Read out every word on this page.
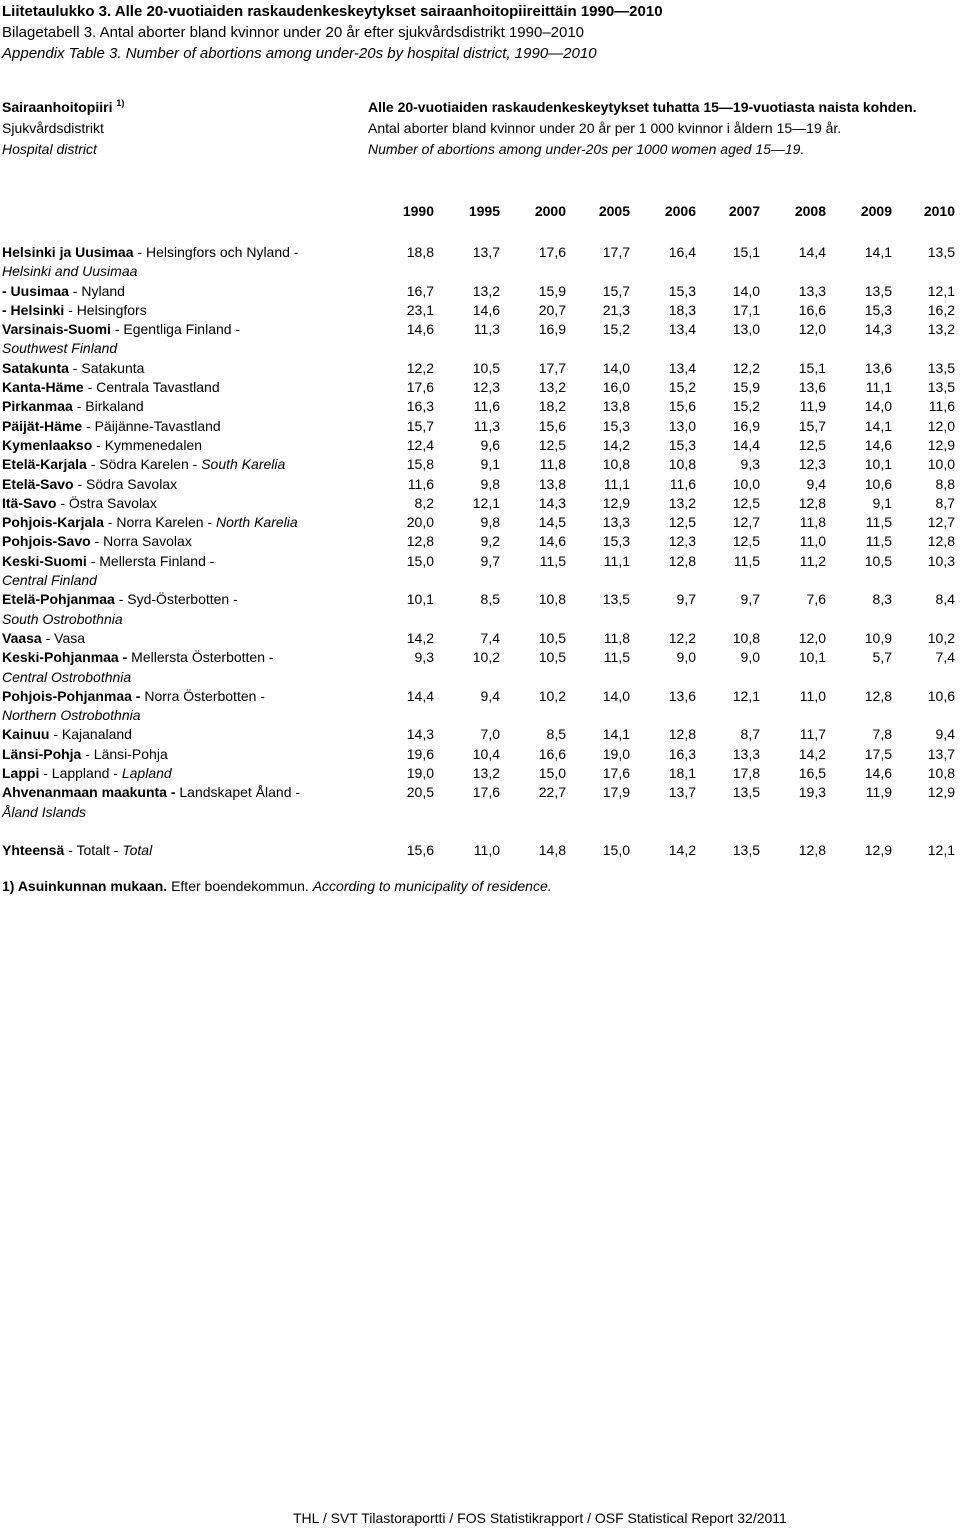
Liitetaulukko 3. Alle 20-vuotiaiden raskaudenkeskeytykset sairaanhoitopiireittäin 1990—2010
Bilagetabell 3. Antal aborter bland kvinnor under 20 år efter sjukvårdsdistrikt 1990–2010
Appendix Table 3. Number of abortions among under-20s by hospital district, 1990—2010
Sairaanhoitopiiri $^{1)}$	Alle 20-vuotiaiden raskaudenkeskeytykset tuhatta 15—19-vuotiasta naista kohden.
Sjukvårdsdistrikt	Antal aborter bland kvinnor under 20 år per 1 000 kvinnor i åldern 15—19 år.
Hospital district	Number of abortions among under-20s per 1000 women aged 15—19.
1990	1995	2000	2005	2006	2007	2008	2009	2010
Helsinki ja Uusimaa - Helsingfors och Nyland -	18,8	13,7	17,6	17,7	16,4	15,1	14,4	14,1	13,5
Helsinki and Uusimaa
- Uusimaa - Nyland	16,7	13,2	15,9	15,7	15,3	14,0	13,3	13,5	12,1
- Helsinki - Helsingfors	23,1	14,6	20,7	21,3	18,3	17,1	16,6	15,3	16,2
Varsinais-Suomi - Egentliga Finland -	14,6	11,3	16,9	15,2	13,4	13,0	12,0	14,3	13,2
Southwest Finland
Satakunta - Satakunta	12,2	10,5	17,7	14,0	13,4	12,2	15,1	13,6	13,5
Kanta-Häme - Centrala Tavastland	17,6	12,3	13,2	16,0	15,2	15,9	13,6	11,1	13,5
Pirkanmaa - Birkaland	16,3	11,6	18,2	13,8	15,6	15,2	11,9	14,0	11,6
Päijät-Häme - Päijänne-Tavastland	15,7	11,3	15,6	15,3	13,0	16,9	15,7	14,1	12,0
Kymenlaakso - Kymmenedalen	12,4	9,6	12,5	14,2	15,3	14,4	12,5	14,6	12,9
Etelä-Karjala - Södra Karelen - South Karelia	15,8	9,1	11,8	10,8	10,8	9,3	12,3	10,1	10,0
Etelä-Savo - Södra Savolax	11,6	9,8	13,8	11,1	11,6	10,0	9,4	10,6	8,8
Itä-Savo - Östra Savolax	8,2	12,1	14,3	12,9	13,2	12,5	12,8	9,1	8,7
Pohjois-Karjala - Norra Karelen - North Karelia	20,0	9,8	14,5	13,3	12,5	12,7	11,8	11,5	12,7
Pohjois-Savo - Norra Savolax	12,8	9,2	14,6	15,3	12,3	12,5	11,0	11,5	12,8
Keski-Suomi - Mellersta Finland -	15,0	9,7	11,5	11,1	12,8	11,5	11,2	10,5	10,3
Central Finland
Etelä-Pohjanmaa - Syd-Österbotten -	10,1	8,5	10,8	13,5	9,7	9,7	7,6	8,3	8,4
South Ostrobothnia
Vaasa - Vasa	14,2	7,4	10,5	11,8	12,2	10,8	12,0	10,9	10,2
Keski-Pohjanmaa - Mellersta Österbotten -	9,3	10,2	10,5	11,5	9,0	9,0	10,1	5,7	7,4
Central Ostrobothnia
Pohjois-Pohjanmaa - Norra Österbotten -	14,4	9,4	10,2	14,0	13,6	12,1	11,0	12,8	10,6
Northern Ostrobothnia
Kainuu - Kajanaland	14,3	7,0	8,5	14,1	12,8	8,7	11,7	7,8	9,4
Länsi-Pohja - Länsi-Pohja	19,6	10,4	16,6	19,0	16,3	13,3	14,2	17,5	13,7
Lappi - Lappland - Lapland	19,0	13,2	15,0	17,6	18,1	17,8	16,5	14,6	10,8
Ahvenanmaan maakunta - Landskapet Åland -	20,5	17,6	22,7	17,9	13,7	13,5	19,3	11,9	12,9
Åland Islands
Yhteensä - Totalt - Total	15,6	11,0	14,8	15,0	14,2	13,5	12,8	12,9	12,1
1) Asuinkunnan mukaan. Efter boendekommun. According to municipality of residence.
THL / SVT Tilastoraportti / FOS Statistikrapport / OSF Statistical Report 32/2011
